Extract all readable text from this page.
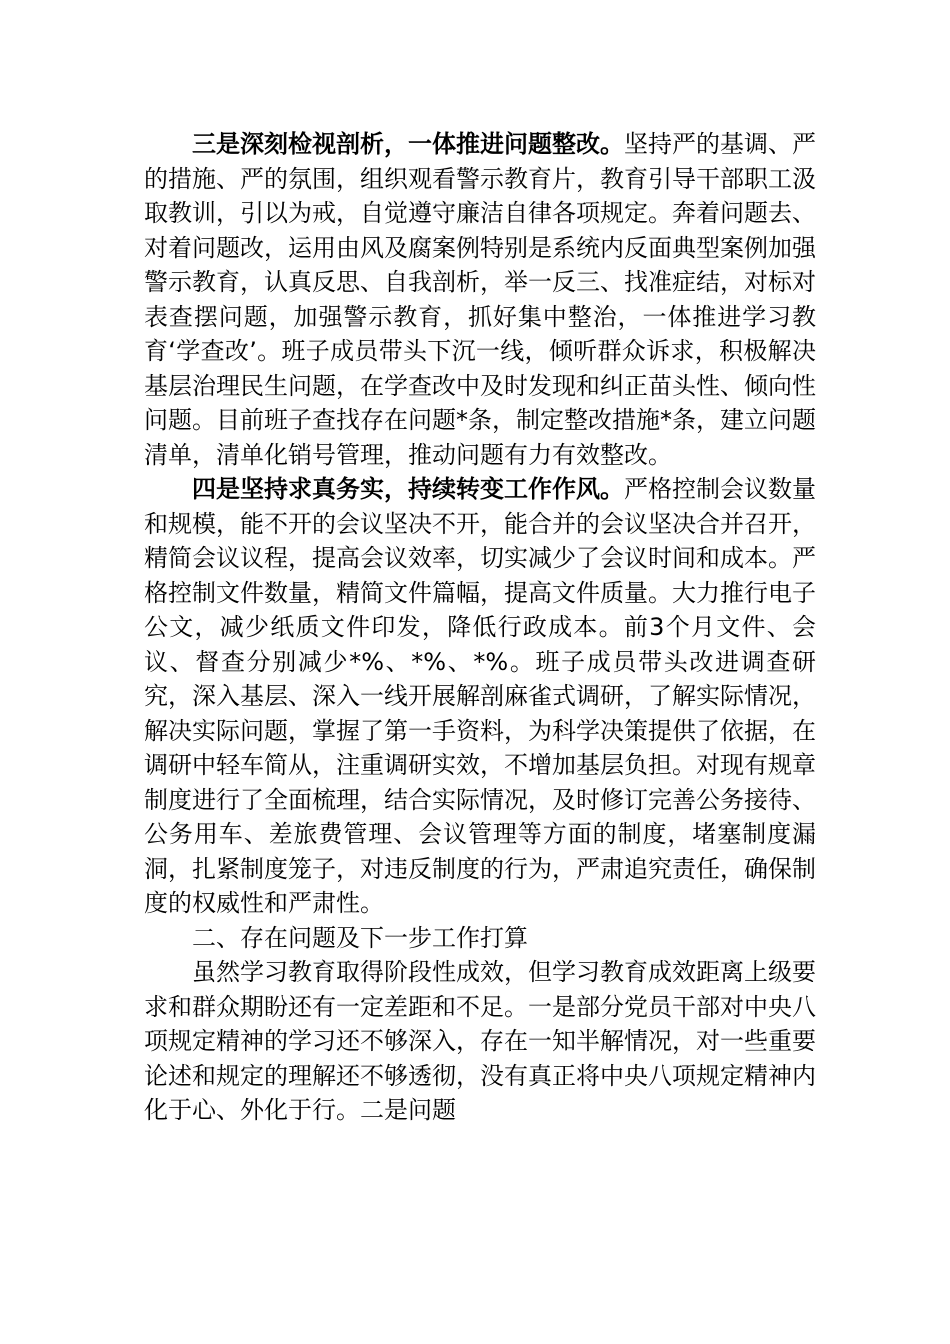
三是深刻检视剖析，一体推进问题整改。坚持严的基调、严的措施、严的氛围，组织观看警示教育片，教育引导干部职工汲取教训，引以为戒，自觉遵守廉洁自律各项规定。奔着问题去、对着问题改，运用由风及腐案例特别是系统内反面典型案例加强警示教育，认真反思、自我剖析，举一反三、找准症结，对标对表查摆问题，加强警示教育，抓好集中整治，一体推进学习教育‘学查改’。班子成员带头下沉一线，倾听群众诉求，积极解决基层治理民生问题，在学查改中及时发现和纠正苗头性、倾向性问题。目前班子查找存在问题*条，制定整改措施*条，建立问题清单，清单化销号管理，推动问题有力有效整改。

四是坚持求真务实，持续转变工作作风。严格控制会议数量和规模，能不开的会议坚决不开，能合并的会议坚决合并召开，精简会议议程，提高会议效率，切实减少了会议时间和成本。严格控制文件数量，精简文件篇幅，提高文件质量。大力推行电子公文，减少纸质文件印发，降低行政成本。前3个月文件、会议、督查分别减少*%、*%、*%。班子成员带头改进调查研究，深入基层、深入一线开展解剖麻雀式调研，了解实际情况，解决实际问题，掌握了第一手资料，为科学决策提供了依据，在调研中轻车简从，注重调研实效，不增加基层负担。对现有规章制度进行了全面梳理，结合实际情况，及时修订完善公务接待、公务用车、差旅费管理、会议管理等方面的制度，堵塞制度漏洞，扎紧制度笼子，对违反制度的行为，严肃追究责任，确保制度的权威性和严肃性。

二、存在问题及下一步工作打算

虽然学习教育取得阶段性成效，但学习教育成效距离上级要求和群众期盼还有一定差距和不足。一是部分党员干部对中央八项规定精神的学习还不够深入，存在一知半解情况，对一些重要论述和规定的理解还不够透彻，没有真正将中央八项规定精神内化于心、外化于行。二是问题
